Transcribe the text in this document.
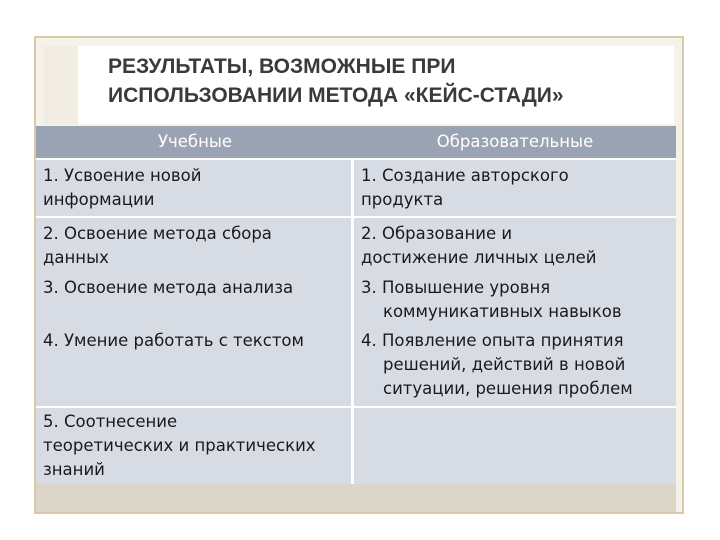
РЕЗУЛЬТАТЫ, ВОЗМОЖНЫЕ ПРИ
ИСПОЛЬЗОВАНИИ МЕТОДА «КЕЙС-СТАДИ»
Учебные	Образовательные
1. Усвоение новой
информации
2. Освоение метода сбора
данных
3. Освоение метода анализа
4. Умение работать с текстом
5. Соотнесение
теоретических и практических
знаний
1. Создание авторского
продукта
2. Образование и
достижение личных целей
3. Повышение уровня
коммуникативных навыков
4. Появление опыта принятия
решений, действий в новой
ситуации, решения проблем
